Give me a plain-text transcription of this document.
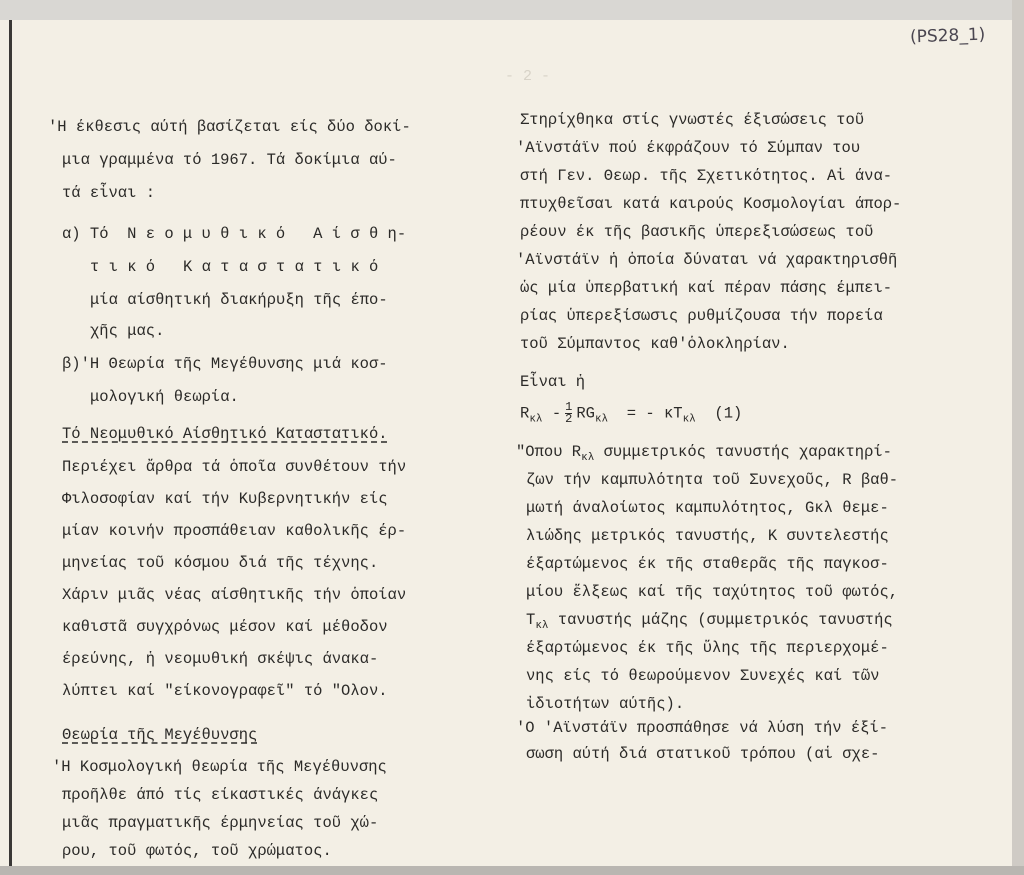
- 2 -
(PS28_1)
'Η έκθεσις αύτή βασίζεται είς δύο δοκί-
μια γραμμένα τό 1967. Τά δοκίμια αύ-
τά εἶναι :
α) Τό  Ν ε ο μ υ θ ι κ ό   Α ί σ θ η-
τ ι κ ό   Κ α τ α σ τ α τ ι κ ό
μία αίσθητική διακήρυξη τῆς έπο-
χῆς μας.
β)'Η Θεωρία τῆς Μεγέθυνσης μιά κοσ-
μολογική θεωρία.
Τό Νεομυθικό Αίσθητικό Καταστατικό.
Περιέχει ἄρθρα τά ὁποῖα συνθέτουν τήν
Φιλοσοφίαν καί τήν Κυβερνητικήν είς
μίαν κοινήν προσπάθειαν καθολικῆς έρ-
μηνείας τοῦ κόσμου διά τῆς τέχνης.
Χάριν μιᾶς νέας αίσθητικῆς τήν ὁποίαν
καθιστᾶ συγχρόνως μέσον καί μέθοδον
έρεύνης, ἡ νεομυθική σκέψις άνακα-
λύπτει καί "είκονογραφεῖ" τό "Ολον.
Θεωρία τῆς Μεγέθυνσης
'Η Κοσμολογική θεωρία τῆς Μεγέθυνσης
προῆλθε άπό τίς είκαστικές άνάγκες
μιᾶς πραγματικῆς έρμηνείας τοῦ χώ-
ρου, τοῦ φωτός, τοῦ χρώματος.
Στηρίχθηκα στίς γνωστές έξισώσεις τοῦ
'Αϊνστάϊν πού έκφράζουν τό Σύμπαν του
στή Γεν. Θεωρ. τῆς Σχετικότητος. Αἱ άνα-
πτυχθεῖσαι κατά καιρούς Κοσμολογίαι άπορ-
ρέουν έκ τῆς βασικῆς ὑπερεξισώσεως τοῦ
'Αϊνστάϊν ἡ ὁποία δύναται νά χαρακτηρισθῆ
ὡς μία ὑπερβατική καί πέραν πάσης έμπει-
ρίας ὑπερεξίσωσις ρυθμίζουσα τήν πορεία
τοῦ Σύμπαντος καθ'ὁλοκληρίαν.
Εἶναι ἡ
$R_{\kappa\lambda} - \frac{1}{2} RG_{\kappa\lambda}$ = - $\kappa T_{\kappa\lambda}$ (1)
"Οπου $R_{\kappa\lambda}$ συμμετρικός τανυστής χαρακτηρί-
ζων τήν καμπυλότητα τοῦ Συνεχοῦς, R βαθ-
μωτή άναλοίωτος καμπυλότητος, Gκλ θεμε-
λιώδης μετρικός τανυστής, K συντελεστής
έξαρτώμενος έκ τῆς σταθερᾶς τῆς παγκοσ-
μίου ἕλξεως καί τῆς ταχύτητος τοῦ φωτός,
$T_{\kappa\lambda}$ τανυστής μάζης (συμμετρικός τανυστής
έξαρτώμενος έκ τῆς ὕλης τῆς περιερχομέ-
νης είς τό θεωρούμενον Συνεχές καί τῶν
ἰδιοτήτων αύτῆς).
'Ο 'Αϊνστάϊν προσπάθησε νά λύση τήν έξί-
σωση αύτή διά στατικοῦ τρόπου (αἱ σχε-
